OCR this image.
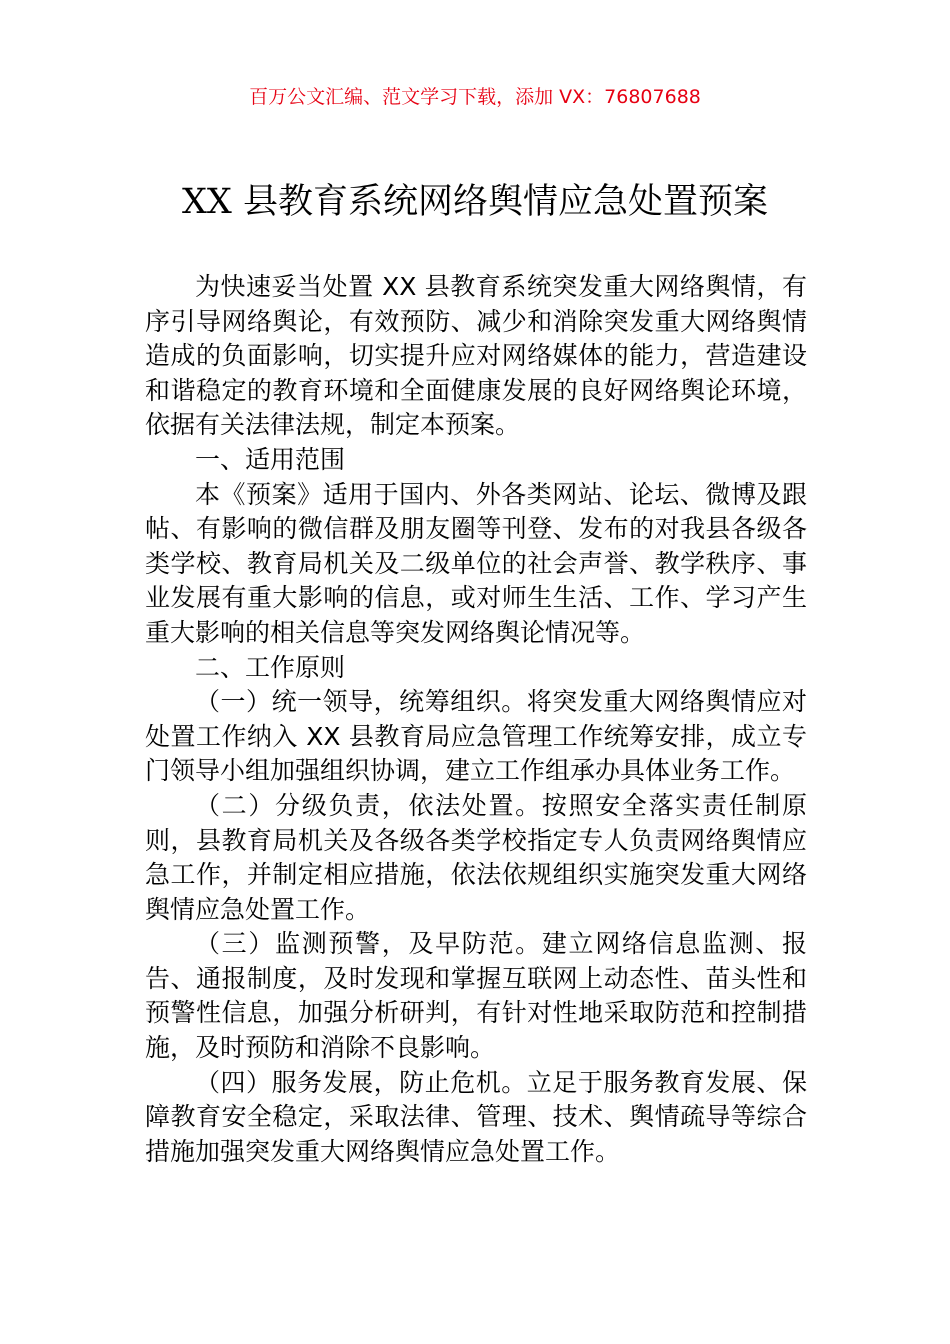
百万公文汇编、范文学习下载，添加 VX：76807688
XX 县教育系统网络舆情应急处置预案

为快速妥当处置 XX 县教育系统突发重大网络舆情，有序引导网络舆论，有效预防、减少和消除突发重大网络舆情造成的负面影响，切实提升应对网络媒体的能力，营造建设和谐稳定的教育环境和全面健康发展的良好网络舆论环境，依据有关法律法规，制定本预案。

一、适用范围

本《预案》适用于国内、外各类网站、论坛、微博及跟帖、有影响的微信群及朋友圈等刊登、发布的对我县各级各类学校、教育局机关及二级单位的社会声誉、教学秩序、事业发展有重大影响的信息，或对师生生活、工作、学习产生重大影响的相关信息等突发网络舆论情况等。

二、工作原则

（一）统一领导，统筹组织。将突发重大网络舆情应对处置工作纳入 XX 县教育局应急管理工作统筹安排，成立专门领导小组加强组织协调，建立工作组承办具体业务工作。

（二）分级负责，依法处置。按照安全落实责任制原则，县教育局机关及各级各类学校指定专人负责网络舆情应急工作，并制定相应措施，依法依规组织实施突发重大网络舆情应急处置工作。

（三）监测预警，及早防范。建立网络信息监测、报告、通报制度，及时发现和掌握互联网上动态性、苗头性和预警性信息，加强分析研判，有针对性地采取防范和控制措施，及时预防和消除不良影响。

（四）服务发展，防止危机。立足于服务教育发展、保障教育安全稳定，采取法律、管理、技术、舆情疏导等综合措施加强突发重大网络舆情应急处置工作。
